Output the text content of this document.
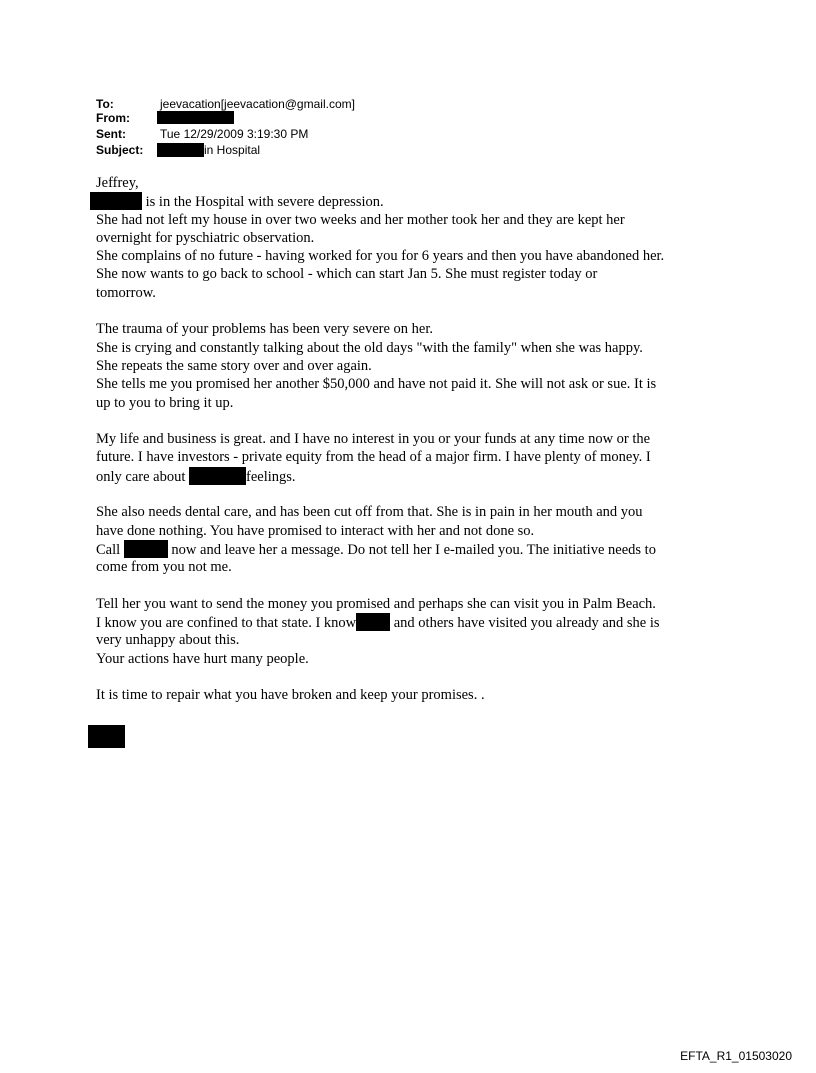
To:	jeevacation[jeevacation@gmail.com]
From:
Sent:	Tue 12/29/2009 3:19:30 PM
Subject:	in Hospital
Jeffrey,
is in the Hospital with severe depression.
She had not left my house in over two weeks and her mother took her and they are kept her
overnight for pyschiatric observation.
She complains of no future - having worked for you for 6 years and then you have abandoned her.
She now wants to go back to school - which can start Jan 5. She must register today or
tomorrow.
The trauma of your problems has been very severe on her.
She is crying and constantly talking about the old days "with the family" when she was happy.
She repeats the same story over and over again.
She tells me you promised her another $50,000 and have not paid it. She will not ask or sue. It is
up to you to bring it up.
My life and business is great. and I have no interest in you or your funds at any time now or the
future. I have investors - private equity from the head of a major firm. I have plenty of money. I
only care about	feelings.
She also needs dental care, and has been cut off from that. She is in pain in her mouth and you
have done nothing. You have promised to interact with her and not done so.
Call	now and leave her a message. Do not tell her I e-mailed you. The initiative needs to
come from you not me.
Tell her you want to send the money you promised and perhaps she can visit you in Palm Beach.
I know you are confined to that state. I know	and others have visited you already and she is
very unhappy about this.
Your actions have hurt many people.
It is time to repair what you have broken and keep your promises. .
EFTA_R1_01503020
